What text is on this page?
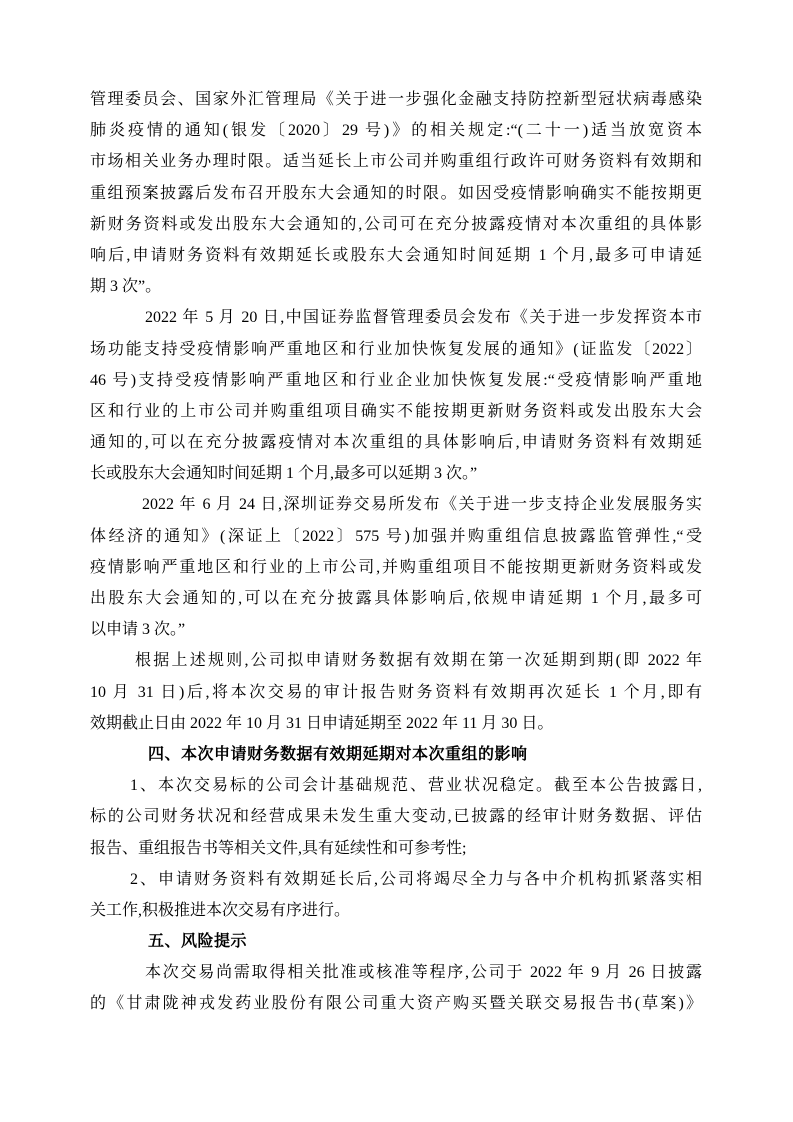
管理委员会、国家外汇管理局《关于进一步强化金融支持防控新型冠状病毒感染
肺炎疫情的通知(银发〔2020〕29 号)》的相关规定:“(二十一)适当放宽资本
市场相关业务办理时限。适当延长上市公司并购重组行政许可财务资料有效期和
重组预案披露后发布召开股东大会通知的时限。如因受疫情影响确实不能按期更
新财务资料或发出股东大会通知的,公司可在充分披露疫情对本次重组的具体影
响后,申请财务资料有效期延长或股东大会通知时间延期 1 个月,最多可申请延
期 3 次”。
2022 年 5 月 20 日,中国证券监督管理委员会发布《关于进一步发挥资本市
场功能支持受疫情影响严重地区和行业加快恢复发展的通知》(证监发〔2022〕
46 号)支持受疫情影响严重地区和行业企业加快恢复发展:“受疫情影响严重地
区和行业的上市公司并购重组项目确实不能按期更新财务资料或发出股东大会
通知的,可以在充分披露疫情对本次重组的具体影响后,申请财务资料有效期延
长或股东大会通知时间延期 1 个月,最多可以延期 3 次。”
2022 年 6 月 24 日,深圳证券交易所发布《关于进一步支持企业发展服务实
体经济的通知》(深证上〔2022〕575 号)加强并购重组信息披露监管弹性,“受
疫情影响严重地区和行业的上市公司,并购重组项目不能按期更新财务资料或发
出股东大会通知的,可以在充分披露具体影响后,依规申请延期 1 个月,最多可
以申请 3 次。”
根据上述规则,公司拟申请财务数据有效期在第一次延期到期(即 2022 年
10 月 31 日)后,将本次交易的审计报告财务资料有效期再次延长 1 个月,即有
效期截止日由 2022 年 10 月 31 日申请延期至 2022 年 11 月 30 日。
四、本次申请财务数据有效期延期对本次重组的影响
1、本次交易标的公司会计基础规范、营业状况稳定。截至本公告披露日,
标的公司财务状况和经营成果未发生重大变动,已披露的经审计财务数据、评估
报告、重组报告书等相关文件,具有延续性和可参考性;
2、申请财务资料有效期延长后,公司将竭尽全力与各中介机构抓紧落实相
关工作,积极推进本次交易有序进行。
五、风险提示
本次交易尚需取得相关批准或核准等程序,公司于 2022 年 9 月 26 日披露
的《甘肃陇神戎发药业股份有限公司重大资产购买暨关联交易报告书(草案)》
